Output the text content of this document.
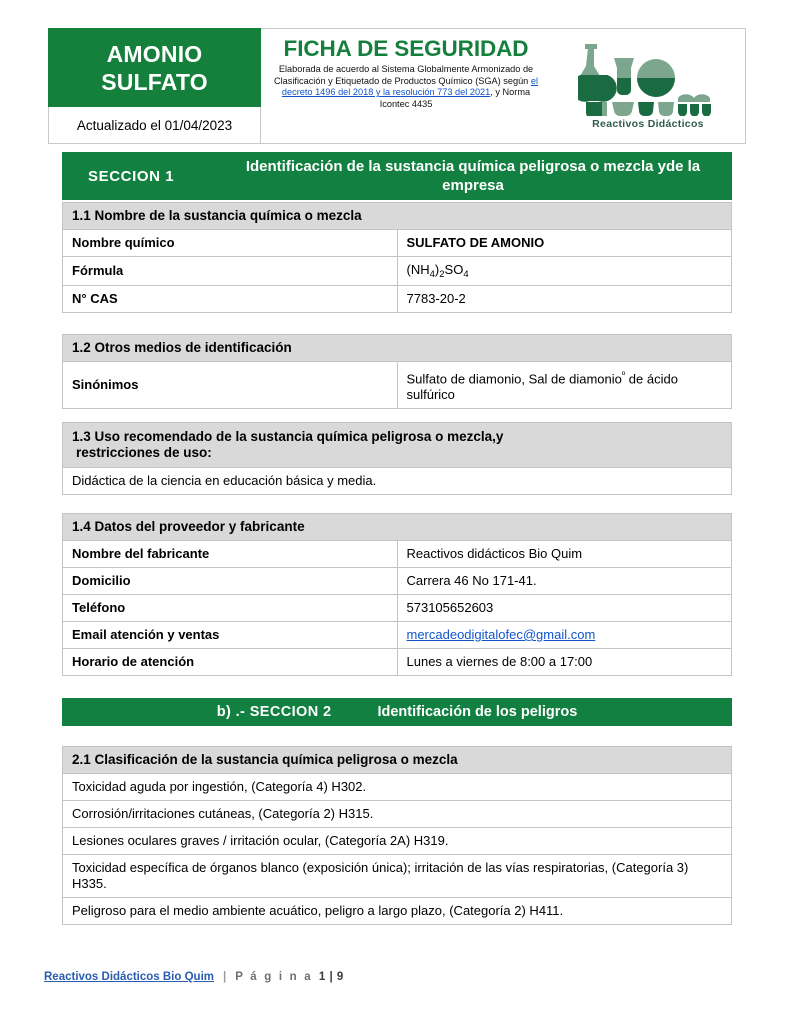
AMONIO
SULFATO
Actualizado el 01/04/2023
FICHA DE SEGURIDAD
Elaborada de acuerdo al Sistema Globalmente Armonizado de Clasificación y Etiquetado de Productos Químico (SGA) según el decreto 1496 del 2018 y la resolución 773 del 2021, y Norma Icontec 4435
Reactivos Didácticos
SECCION 1
Identificación de la sustancia química peligrosa o mezcla yde la empresa
1.1 Nombre de la sustancia química o mezcla	
Nombre químico	SULFATO DE AMONIO
Fórmula	$(NH_4)_2SO_4$
N° CAS	7783-20-2
1.2 Otros medios de identificación
Sinónimos	Sulfato de diamonio, Sal de diamonio$^º$ de ácido sulfúrico
1.3 Uso recomendado de la sustancia química peligrosa o mezcla,y
restricciones de uso:
Didáctica de la ciencia en educación básica y media.
1.4 Datos del proveedor y fabricante	
Nombre del fabricante	Reactivos didácticos Bio Quim
Domicilio	Carrera 46 No 171-41.
Teléfono	573105652603
Email atención y ventas	mercadeodigitalofec@gmail.com
Horario de atención	Lunes a viernes de 8:00 a 17:00
b) .- SECCION 2	Identificación de los peligros
2.1 Clasificación de la sustancia química peligrosa o mezcla
Toxicidad aguda por ingestión, (Categoría 4) H302.
Corrosión/irritaciones cutáneas, (Categoría 2) H315.
Lesiones oculares graves / irritación ocular, (Categoría 2A) H319.
Toxicidad específica de órganos blanco (exposición única); irritación de las vías respiratorias, (Categoría 3) H335.
Peligroso para el medio ambiente acuático, peligro a largo plazo, (Categoría 2) H411.
Reactivos Didácticos Bio Quim | P á g i n a 1 | 9
